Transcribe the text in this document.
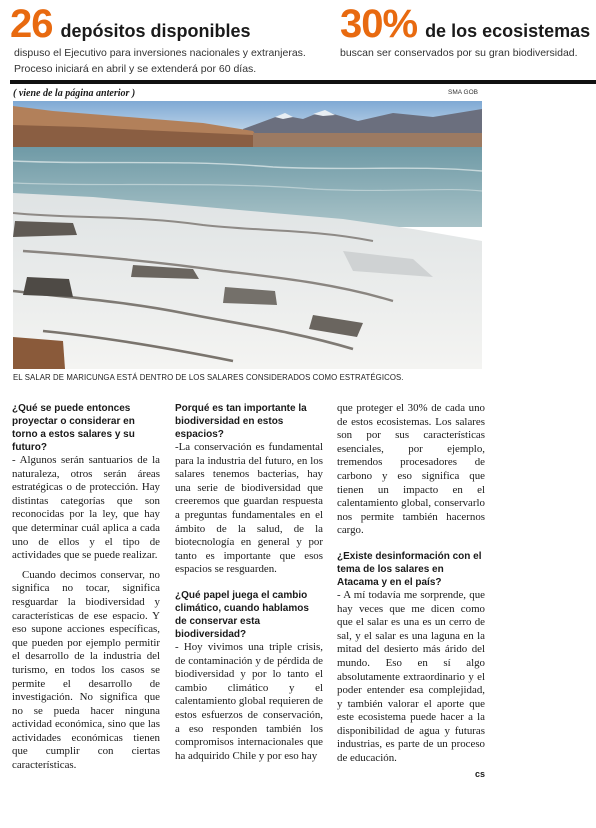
26 depósitos disponibles
dispuso el Ejecutivo para inversiones nacionales y extranjeras.
Proceso iniciará en abril y se extenderá por 60 días.
30% de los ecosistemas
buscan ser conservados por su gran biodiversidad.
( viene de la página anterior )	SMA GOB
EL SALAR DE MARICUNGA ESTÁ DENTRO DE LOS SALARES CONSIDERADOS COMO ESTRATÉGICOS.

¿Qué se puede entonces proyectar o considerar en torno a estos salares y su futuro?

- Algunos serán santuarios de la naturaleza, otros serán áreas estratégicas o de protección. Hay distintas categorías que son reconocidas por la ley, que hay que determinar cuál aplica a cada uno de ellos y el tipo de actividades que se puede realizar.

Cuando decimos conservar, no significa no tocar, significa resguardar la biodiversidad y características de ese espacio. Y eso supone acciones específicas, que pueden por ejemplo permitir el desarrollo de la industria del turismo, en todos los casos se permite el desarrollo de investigación. No significa que no se pueda hacer ninguna actividad económica, sino que las actividades económicas tienen que cumplir con ciertas características.

Porqué es tan importante la biodiversidad en estos espacios?

-La conservación es fundamental para la industria del futuro, en los salares tenemos bacterias, hay una serie de biodiversidad que creeremos que guardan respuesta a preguntas fundamentales en el ámbito de la salud, de la biotecnología en general y por tanto es importante que esos espacios se resguarden.

¿Qué papel juega el cambio climático, cuando hablamos de conservar esta biodiversidad?

- Hoy vivimos una triple crisis, de contaminación y de pérdida de biodiversidad y por lo tanto el cambio climático y el calentamiento global requieren de estos esfuerzos de conservación, a eso responden también los compromisos internacionales que ha adquirido Chile y por eso hay

que proteger el 30% de cada uno de estos ecosistemas. Los salares son por sus características esenciales, por ejemplo, tremendos procesadores de carbono y eso significa que tienen un impacto en el calentamiento global, conservarlo nos permite también hacernos cargo.

¿Existe desinformación con el tema de los salares en Atacama y en el país?

- A mí todavía me sorprende, que hay veces que me dicen como que el salar es una es un cerro de sal, y el salar es una laguna en la mitad del desierto más árido del mundo. Eso en sí algo absolutamente extraordinario y el poder entender esa complejidad, y también valorar el aporte que este ecosistema puede hacer a la disponibilidad de agua y futuras industrias, es parte de un proceso de educación.

cs
